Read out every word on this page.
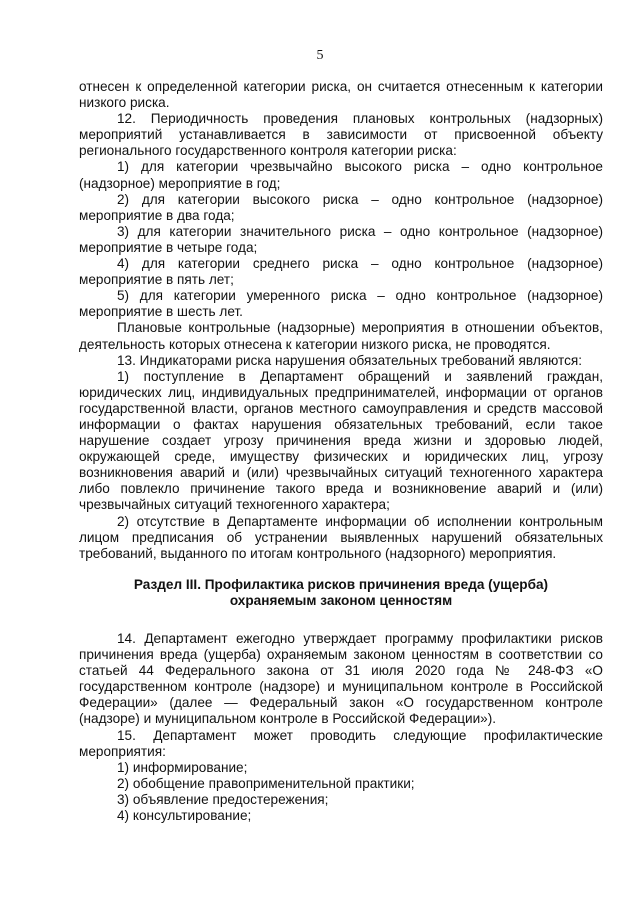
5

отнесен к определенной категории риска, он считается отнесенным к категории низкого риска.

12. Периодичность проведения плановых контрольных (надзорных) мероприятий устанавливается в зависимости от присвоенной объекту регионального государственного контроля категории риска:

1) для категории чрезвычайно высокого риска – одно контрольное (надзорное) мероприятие в год;

2) для категории высокого риска – одно контрольное (надзорное) мероприятие в два года;

3) для категории значительного риска – одно контрольное (надзорное) мероприятие в четыре года;

4) для категории среднего риска – одно контрольное (надзорное) мероприятие в пять лет;

5) для категории умеренного риска – одно контрольное (надзорное) мероприятие в шесть лет.

Плановые контрольные (надзорные) мероприятия в отношении объектов, деятельность которых отнесена к категории низкого риска, не проводятся.

13. Индикаторами риска нарушения обязательных требований являются:

1) поступление в Департамент обращений и заявлений граждан, юридических лиц, индивидуальных предпринимателей, информации от органов государственной власти, органов местного самоуправления и средств массовой информации о фактах нарушения обязательных требований, если такое нарушение создает угрозу причинения вреда жизни и здоровью людей, окружающей среде, имуществу физических и юридических лиц, угрозу возникновения аварий и (или) чрезвычайных ситуаций техногенного характера либо повлекло причинение такого вреда и возникновение аварий и (или) чрезвычайных ситуаций техногенного характера;

2) отсутствие в Департаменте информации об исполнении контрольным лицом предписания об устранении выявленных нарушений обязательных требований, выданного по итогам контрольного (надзорного) мероприятия.

Раздел III. Профилактика рисков причинения вреда (ущерба)
охраняемым законом ценностям

14. Департамент ежегодно утверждает программу профилактики рисков причинения вреда (ущерба) охраняемым законом ценностям в соответствии со статьей 44 Федерального закона от 31 июля 2020 года № 248-ФЗ «О государственном контроле (надзоре) и муниципальном контроле в Российской Федерации» (далее — Федеральный закон «О государственном контроле (надзоре) и муниципальном контроле в Российской Федерации»).

15. Департамент может проводить следующие профилактические мероприятия:

1) информирование;

2) обобщение правоприменительной практики;

3) объявление предостережения;

4) консультирование;
